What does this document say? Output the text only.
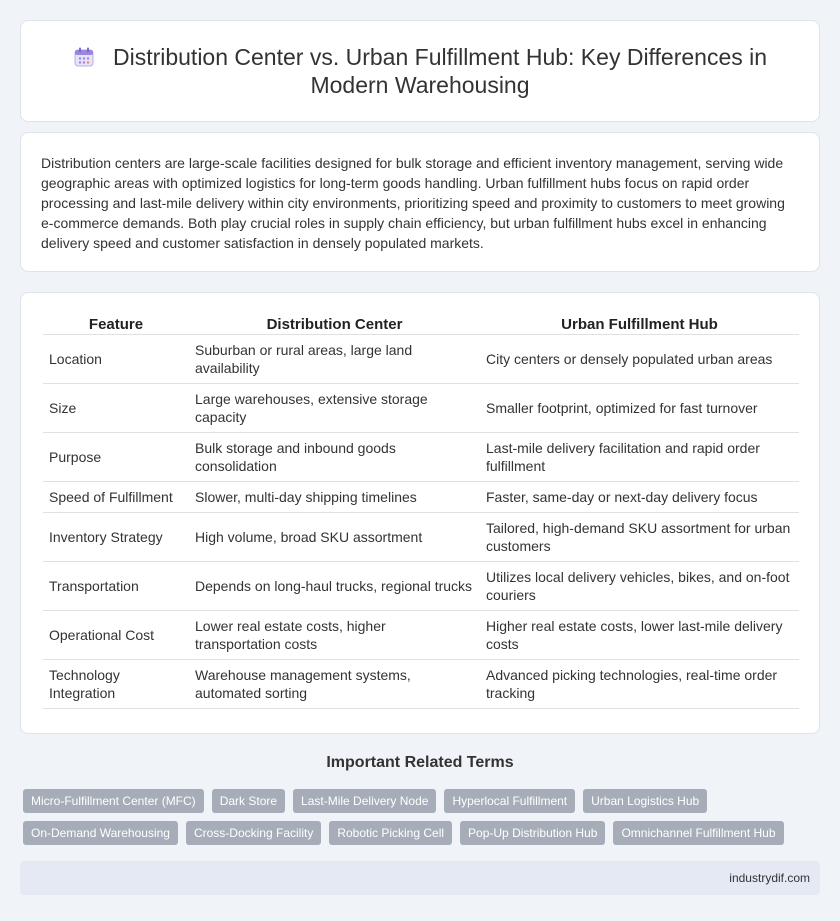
Distribution Center vs. Urban Fulfillment Hub: Key Differences in Modern Warehousing

Distribution centers are large-scale facilities designed for bulk storage and efficient inventory management, serving wide geographic areas with optimized logistics for long-term goods handling. Urban fulfillment hubs focus on rapid order processing and last-mile delivery within city environments, prioritizing speed and proximity to customers to meet growing e-commerce demands. Both play crucial roles in supply chain efficiency, but urban fulfillment hubs excel in enhancing delivery speed and customer satisfaction in densely populated markets.

Feature	Distribution Center	Urban Fulfillment Hub
Location	Suburban or rural areas, large land availability	City centers or densely populated urban areas
Size	Large warehouses, extensive storage capacity	Smaller footprint, optimized for fast turnover
Purpose	Bulk storage and inbound goods consolidation	Last-mile delivery facilitation and rapid order fulfillment
Speed of Fulfillment	Slower, multi-day shipping timelines	Faster, same-day or next-day delivery focus
Inventory Strategy	High volume, broad SKU assortment	Tailored, high-demand SKU assortment for urban customers
Transportation	Depends on long-haul trucks, regional trucks	Utilizes local delivery vehicles, bikes, and on-foot couriers
Operational Cost	Lower real estate costs, higher transportation costs	Higher real estate costs, lower last-mile delivery costs
Technology Integration	Warehouse management systems, automated sorting	Advanced picking technologies, real-time order tracking
Important Related Terms
Micro-Fulfillment Center (MFC)	Dark Store	Last-Mile Delivery Node	Hyperlocal Fulfillment	Urban Logistics Hub
On-Demand Warehousing	Cross-Docking Facility	Robotic Picking Cell	Pop-Up Distribution Hub	Omnichannel Fulfillment Hub
industrydif.com
